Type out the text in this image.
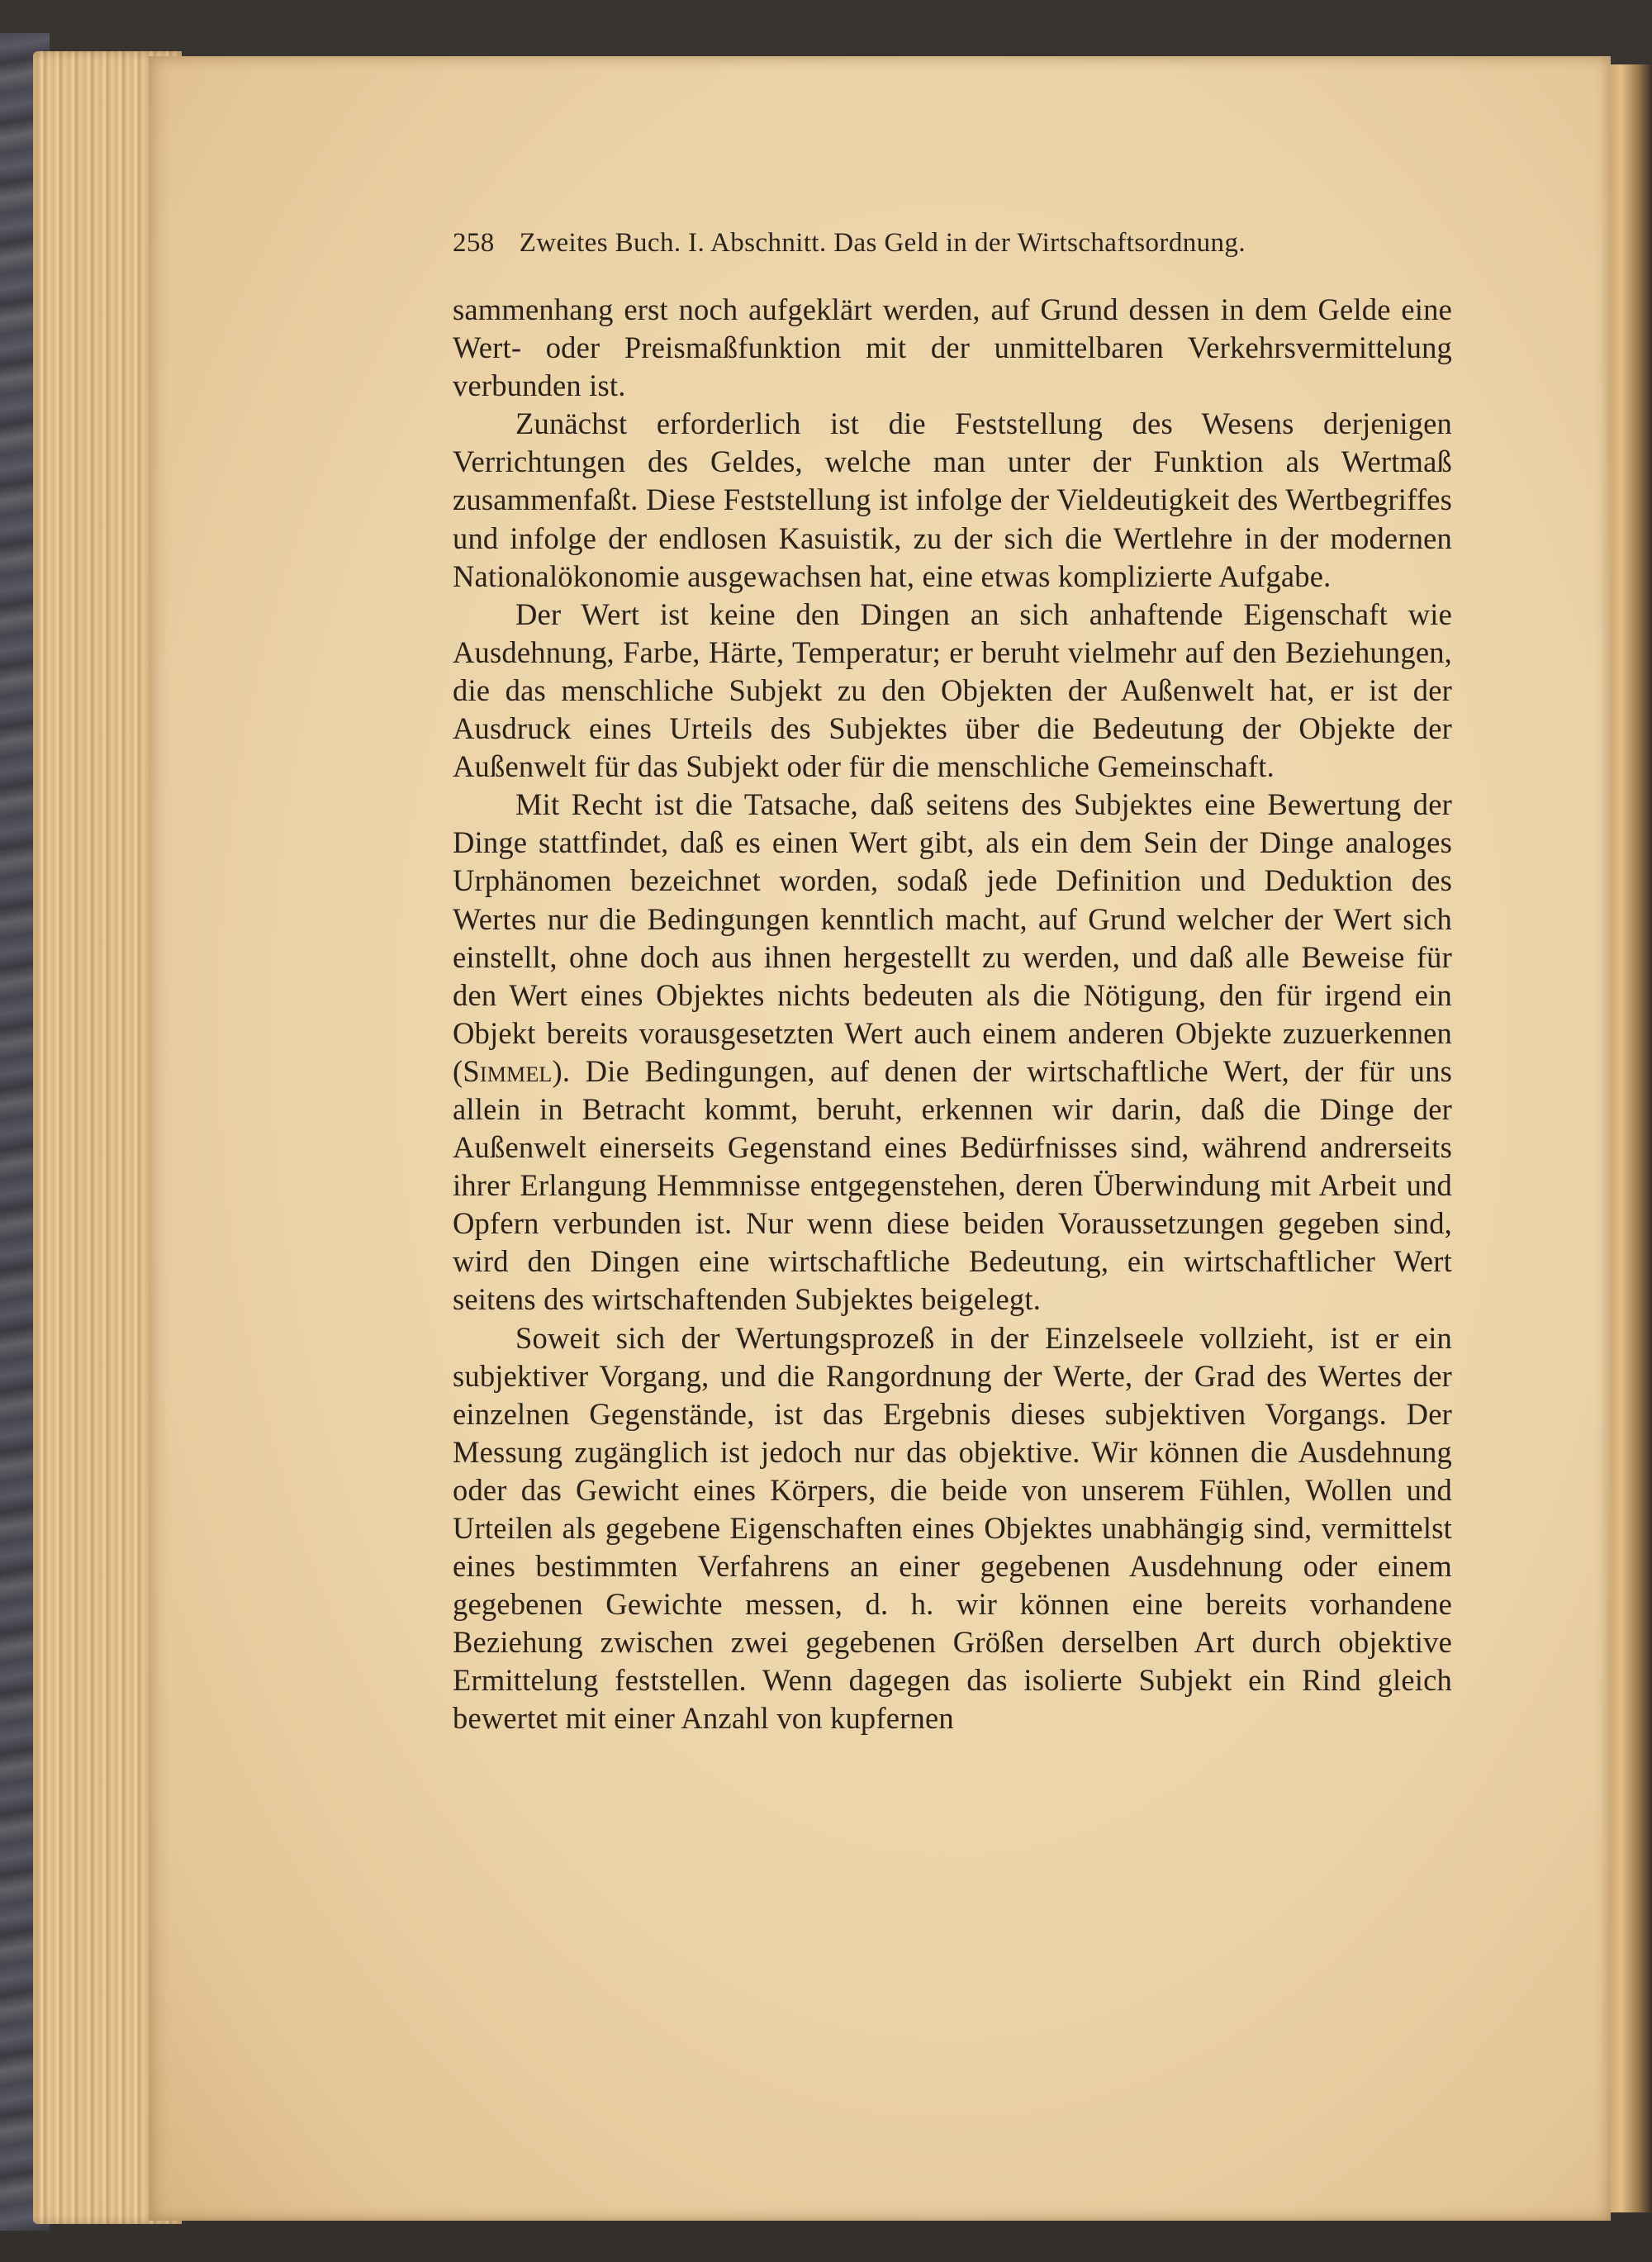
258 Zweites Buch. I. Abschnitt. Das Geld in der Wirtschaftsordnung.

sammenhang erst noch aufgeklärt werden, auf Grund dessen in dem Gelde eine Wert- oder Preismaßfunktion mit der unmittelbaren Verkehrsvermittelung verbunden ist.

Zunächst erforderlich ist die Feststellung des Wesens derjenigen Verrichtungen des Geldes, welche man unter der Funktion als Wertmaß zusammenfaßt. Diese Feststellung ist infolge der Vieldeutigkeit des Wertbegriffes und infolge der endlosen Kasuistik, zu der sich die Wertlehre in der modernen Nationalökonomie ausgewachsen hat, eine etwas komplizierte Aufgabe.

Der Wert ist keine den Dingen an sich anhaftende Eigenschaft wie Ausdehnung, Farbe, Härte, Temperatur; er beruht vielmehr auf den Beziehungen, die das menschliche Subjekt zu den Objekten der Außenwelt hat, er ist der Ausdruck eines Urteils des Subjektes über die Bedeutung der Objekte der Außenwelt für das Subjekt oder für die menschliche Gemeinschaft.

Mit Recht ist die Tatsache, daß seitens des Subjektes eine Bewertung der Dinge stattfindet, daß es einen Wert gibt, als ein dem Sein der Dinge analoges Urphänomen bezeichnet worden, sodaß jede Definition und Deduktion des Wertes nur die Bedingungen kenntlich macht, auf Grund welcher der Wert sich einstellt, ohne doch aus ihnen hergestellt zu werden, und daß alle Beweise für den Wert eines Objektes nichts bedeuten als die Nötigung, den für irgend ein Objekt bereits vorausgesetzten Wert auch einem anderen Objekte zuzuerkennen (Simmel). Die Bedingungen, auf denen der wirtschaftliche Wert, der für uns allein in Betracht kommt, beruht, erkennen wir darin, daß die Dinge der Außenwelt einerseits Gegenstand eines Bedürfnisses sind, während andrerseits ihrer Erlangung Hemmnisse entgegenstehen, deren Überwindung mit Arbeit und Opfern verbunden ist. Nur wenn diese beiden Voraussetzungen gegeben sind, wird den Dingen eine wirtschaftliche Bedeutung, ein wirtschaftlicher Wert seitens des wirtschaftenden Subjektes beigelegt.

Soweit sich der Wertungsprozeß in der Einzelseele vollzieht, ist er ein subjektiver Vorgang, und die Rangordnung der Werte, der Grad des Wertes der einzelnen Gegenstände, ist das Ergebnis dieses subjektiven Vorgangs. Der Messung zugänglich ist jedoch nur das objektive. Wir können die Ausdehnung oder das Gewicht eines Körpers, die beide von unserem Fühlen, Wollen und Urteilen als gegebene Eigenschaften eines Objektes unabhängig sind, vermittelst eines bestimmten Verfahrens an einer gegebenen Ausdehnung oder einem gegebenen Gewichte messen, d. h. wir können eine bereits vorhandene Beziehung zwischen zwei gegebenen Größen derselben Art durch objektive Ermittelung feststellen. Wenn dagegen das isolierte Subjekt ein Rind gleich bewertet mit einer Anzahl von kupfernen
